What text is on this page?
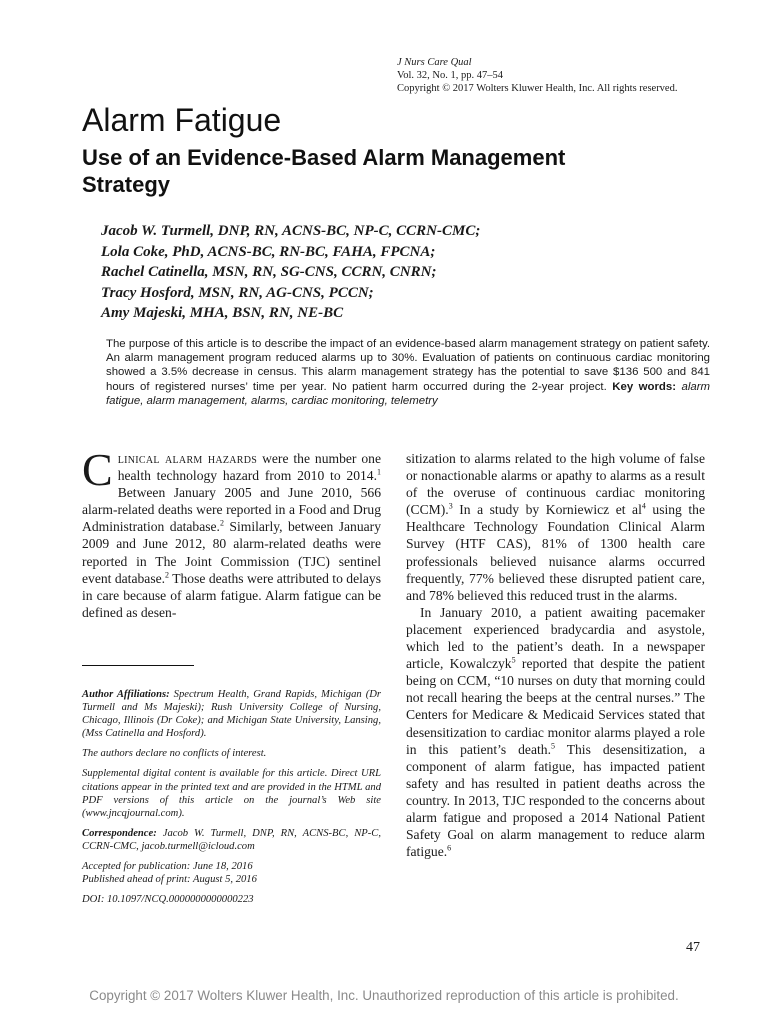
J Nurs Care Qual
Vol. 32, No. 1, pp. 47–54
Copyright © 2017 Wolters Kluwer Health, Inc. All rights reserved.
Alarm Fatigue
Use of an Evidence-Based Alarm Management Strategy
Jacob W. Turmell, DNP, RN, ACNS-BC, NP-C, CCRN-CMC;
Lola Coke, PhD, ACNS-BC, RN-BC, FAHA, FPCNA;
Rachel Catinella, MSN, RN, SG-CNS, CCRN, CNRN;
Tracy Hosford, MSN, RN, AG-CNS, PCCN;
Amy Majeski, MHA, BSN, RN, NE-BC

The purpose of this article is to describe the impact of an evidence-based alarm management strategy on patient safety. An alarm management program reduced alarms up to 30%. Evaluation of patients on continuous cardiac monitoring showed a 3.5% decrease in census. This alarm management strategy has the potential to save $136 500 and 841 hours of registered nurses’ time per year. No patient harm occurred during the 2-year project. Key words: alarm fatigue, alarm management, alarms, cardiac monitoring, telemetry

Clinical alarm hazards were the number one health technology hazard from 2010 to 2014.$^1$ Between January 2005 and June 2010, 566 alarm-related deaths were reported in a Food and Drug Administration database.$^2$ Similarly, between January 2009 and June 2012, 80 alarm-related deaths were reported in The Joint Commission (TJC) sentinel event database.$^2$ Those deaths were attributed to delays in care because of alarm fatigue. Alarm fatigue can be defined as desen-

Author Affiliations: Spectrum Health, Grand Rapids, Michigan (Dr Turmell and Ms Majeski); Rush University College of Nursing, Chicago, Illinois (Dr Coke); and Michigan State University, Lansing, (Mss Catinella and Hosford).

The authors declare no conflicts of interest.

Supplemental digital content is available for this article. Direct URL citations appear in the printed text and are provided in the HTML and PDF versions of this article on the journal’s Web site (www.jncqjournal.com).

Correspondence: Jacob W. Turmell, DNP, RN, ACNS-BC, NP-C, CCRN-CMC, jacob.turmell@icloud.com

Accepted for publication: June 18, 2016

Published ahead of print: August 5, 2016

DOI: 10.1097/NCQ.0000000000000223

sitization to alarms related to the high volume of false or nonactionable alarms or apathy to alarms as a result of the overuse of continuous cardiac monitoring (CCM).$^3$ In a study by Korniewicz et $al^4$ using the Healthcare Technology Foundation Clinical Alarm Survey (HTF CAS), 81% of 1300 health care professionals believed nuisance alarms occurred frequently, 77% believed these disrupted patient care, and 78% believed this reduced trust in the alarms.

In January 2010, a patient awaiting pacemaker placement experienced bradycardia and asystole, which led to the patient’s death. In a newspaper article, Kowalczyk$^5$ reported that despite the patient being on CCM, “10 nurses on duty that morning could not recall hearing the beeps at the central nurses.” The Centers for Medicare & Medicaid Services stated that desensitization to cardiac monitor alarms played a role in this patient’s death.$^5$ This desensitization, a component of alarm fatigue, has impacted patient safety and has resulted in patient deaths across the country. In 2013, TJC responded to the concerns about alarm fatigue and proposed a 2014 National Patient Safety Goal on alarm management to reduce alarm fatigue.$^6$

47
Copyright © 2017 Wolters Kluwer Health, Inc. Unauthorized reproduction of this article is prohibited.
